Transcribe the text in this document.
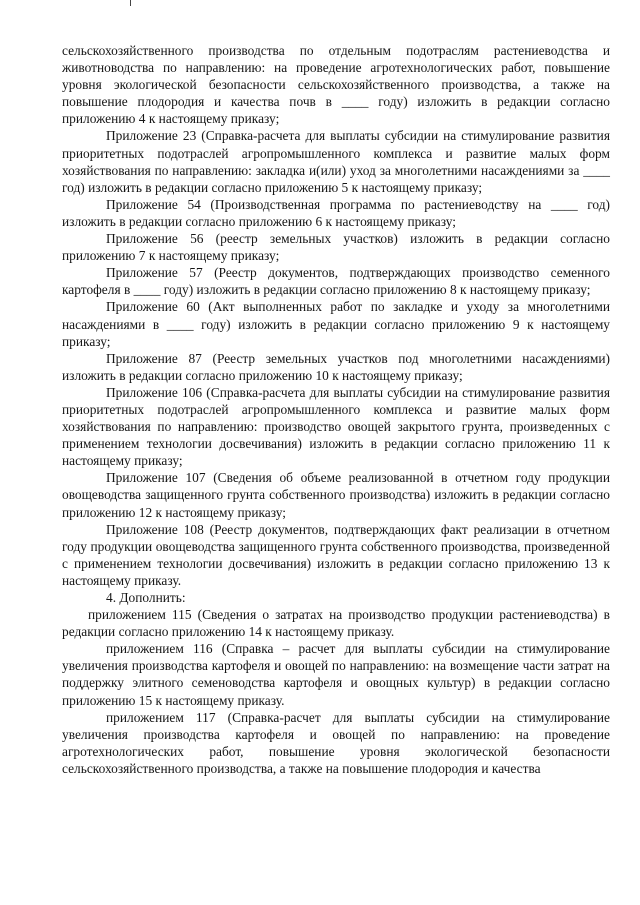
сельскохозяйственного производства по отдельным подотраслям растениеводства и животноводства по направлению: на проведение агротехнологических работ, повышение уровня экологической безопасности сельскохозяйственного производства, а также на повышение плодородия и качества почв в ____ году) изложить в редакции согласно приложению 4 к настоящему приказу;

Приложение 23 (Справка-расчета для выплаты субсидии на стимулирование развития приоритетных подотраслей агропромышленного комплекса и развитие малых форм хозяйствования по направлению: закладка и(или) уход за многолетними насаждениями за ____ год) изложить в редакции согласно приложению 5 к настоящему приказу;

Приложение 54 (Производственная программа по растениеводству на ____ год) изложить в редакции согласно приложению 6 к настоящему приказу;

Приложение 56 (реестр земельных участков) изложить в редакции согласно приложению 7 к настоящему приказу;

Приложение 57 (Реестр документов, подтверждающих производство семенного картофеля в ____ году) изложить в редакции согласно приложению 8 к настоящему приказу;

Приложение 60 (Акт выполненных работ по закладке и уходу за многолетними насаждениями в ____ году) изложить в редакции согласно приложению 9 к настоящему приказу;

Приложение 87 (Реестр земельных участков под многолетними насаждениями) изложить в редакции согласно приложению 10 к настоящему приказу;

Приложение 106 (Справка-расчета для выплаты субсидии на стимулирование развития приоритетных подотраслей агропромышленного комплекса и развитие малых форм хозяйствования по направлению: производство овощей закрытого грунта, произведенных с применением технологии досвечивания) изложить в редакции согласно приложению 11 к настоящему приказу;

Приложение 107 (Сведения об объеме реализованной в отчетном году продукции овощеводства защищенного грунта собственного производства) изложить в редакции согласно приложению 12 к настоящему приказу;

Приложение 108 (Реестр документов, подтверждающих факт реализации в отчетном году продукции овощеводства защищенного грунта собственного производства, произведенной с применением технологии досвечивания) изложить в редакции согласно приложению 13 к настоящему приказу.

4. Дополнить:

приложением 115 (Сведения о затратах на производство продукции растениеводства) в редакции согласно приложению 14 к настоящему приказу.

приложением 116 (Справка – расчет для выплаты субсидии на стимулирование увеличения производства картофеля и овощей по направлению: на возмещение части затрат на поддержку элитного семеноводства картофеля и овощных культур) в редакции согласно приложению 15 к настоящему приказу.

приложением 117 (Справка-расчет для выплаты субсидии на стимулирование увеличения производства картофеля и овощей по направлению: на проведение агротехнологических работ, повышение уровня экологической безопасности сельскохозяйственного производства, а также на повышение плодородия и качества
